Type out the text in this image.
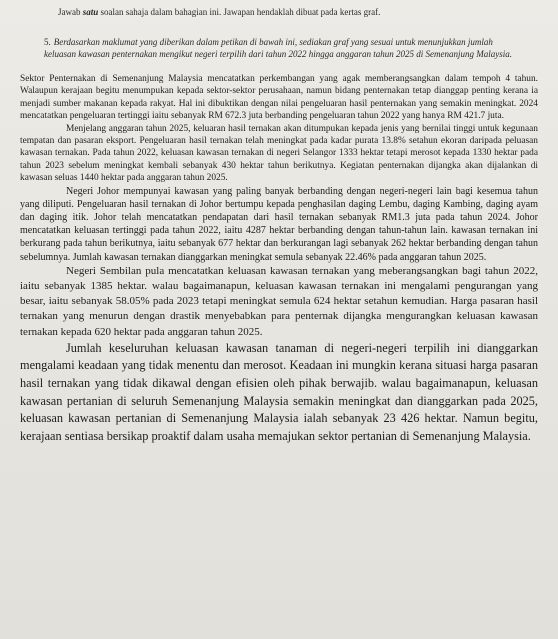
Jawab satu soalan sahaja dalam bahagian ini. Jawapan hendaklah dibuat pada kertas graf.
5. Berdasarkan maklumat yang diberikan dalam petikan di bawah ini, sediakan graf yang sesuai untuk menunjukkan jumlah keluasan kawasan penternakan mengikut negeri terpilih dari tahun 2022 hingga anggaran tahun 2025 di Semenanjung Malaysia.

Sektor Penternakan di Semenanjung Malaysia mencatatkan perkembangan yang agak memberangsangkan dalam tempoh 4 tahun. Walaupun kerajaan begitu menumpukan kepada sektor-sektor perusahaan, namun bidang penternakan tetap dianggap penting kerana ia menjadi sumber makanan kepada rakyat. Hal ini dibuktikan dengan nilai pengeluaran hasil penternakan yang semakin meningkat. 2024 mencatatkan pengeluaran tertinggi iaitu sebanyak RM 672.3 juta berbanding pengeluaran tahun 2022 yang hanya RM 421.7 juta.

Menjelang anggaran tahun 2025, keluaran hasil ternakan akan ditumpukan kepada jenis yang bernilai tinggi untuk kegunaan tempatan dan pasaran eksport. Pengeluaran hasil ternakan telah meningkat pada kadar purata 13.8% setahun ekoran daripada peluasan kawasan ternakan. Pada tahun 2022, keluasan kawasan ternakan di negeri Selangor 1333 hektar tetapi merosot kepada 1330 hektar pada tahun 2023 sebelum meningkat kembali sebanyak 430 hektar tahun berikutnya. Kegiatan penternakan dijangka akan dijalankan di kawasan seluas 1440 hektar pada anggaran tahun 2025.

Negeri Johor mempunyai kawasan yang paling banyak berbanding dengan negeri-negeri lain bagi kesemua tahun yang diliputi. Pengeluaran hasil ternakan di Johor bertumpu kepada penghasilan daging Lembu, daging Kambing, daging ayam dan daging itik. Johor telah mencatatkan pendapatan dari hasil ternakan sebanyak RM1.3 juta pada tahun 2024. Johor mencatatkan keluasan tertinggi pada tahun 2022, iaitu 4287 hektar berbanding dengan tahun-tahun lain. kawasan ternakan ini berkurang pada tahun berikutnya, iaitu sebanyak 677 hektar dan berkurangan lagi sebanyak 262 hektar berbanding dengan tahun sebelumnya. Jumlah kawasan ternakan dianggarkan meningkat semula sebanyak 22.46% pada anggaran tahun 2025.

Negeri Sembilan pula mencatatkan keluasan kawasan ternakan yang meberangsangkan bagi tahun 2022, iaitu sebanyak 1385 hektar. walau bagaimanapun, keluasan kawasan ternakan ini mengalami pengurangan yang besar, iaitu sebanyak 58.05% pada 2023 tetapi meningkat semula 624 hektar setahun kemudian. Harga pasaran hasil ternakan yang menurun dengan drastik menyebabkan para penternak dijangka mengurangkan keluasan kawasan ternakan kepada 620 hektar pada anggaran tahun 2025.

Jumlah keseluruhan keluasan kawasan tanaman di negeri-negeri terpilih ini dianggarkan mengalami keadaan yang tidak menentu dan merosot. Keadaan ini mungkin kerana situasi harga pasaran hasil ternakan yang tidak dikawal dengan efisien oleh pihak berwajib. walau bagaimanapun, keluasan kawasan pertanian di seluruh Semenanjung Malaysia semakin meningkat dan dianggarkan pada 2025, keluasan kawasan pertanian di Semenanjung Malaysia ialah sebanyak 23 426 hektar. Namun begitu, kerajaan sentiasa bersikap proaktif dalam usaha memajukan sektor pertanian di Semenanjung Malaysia.
